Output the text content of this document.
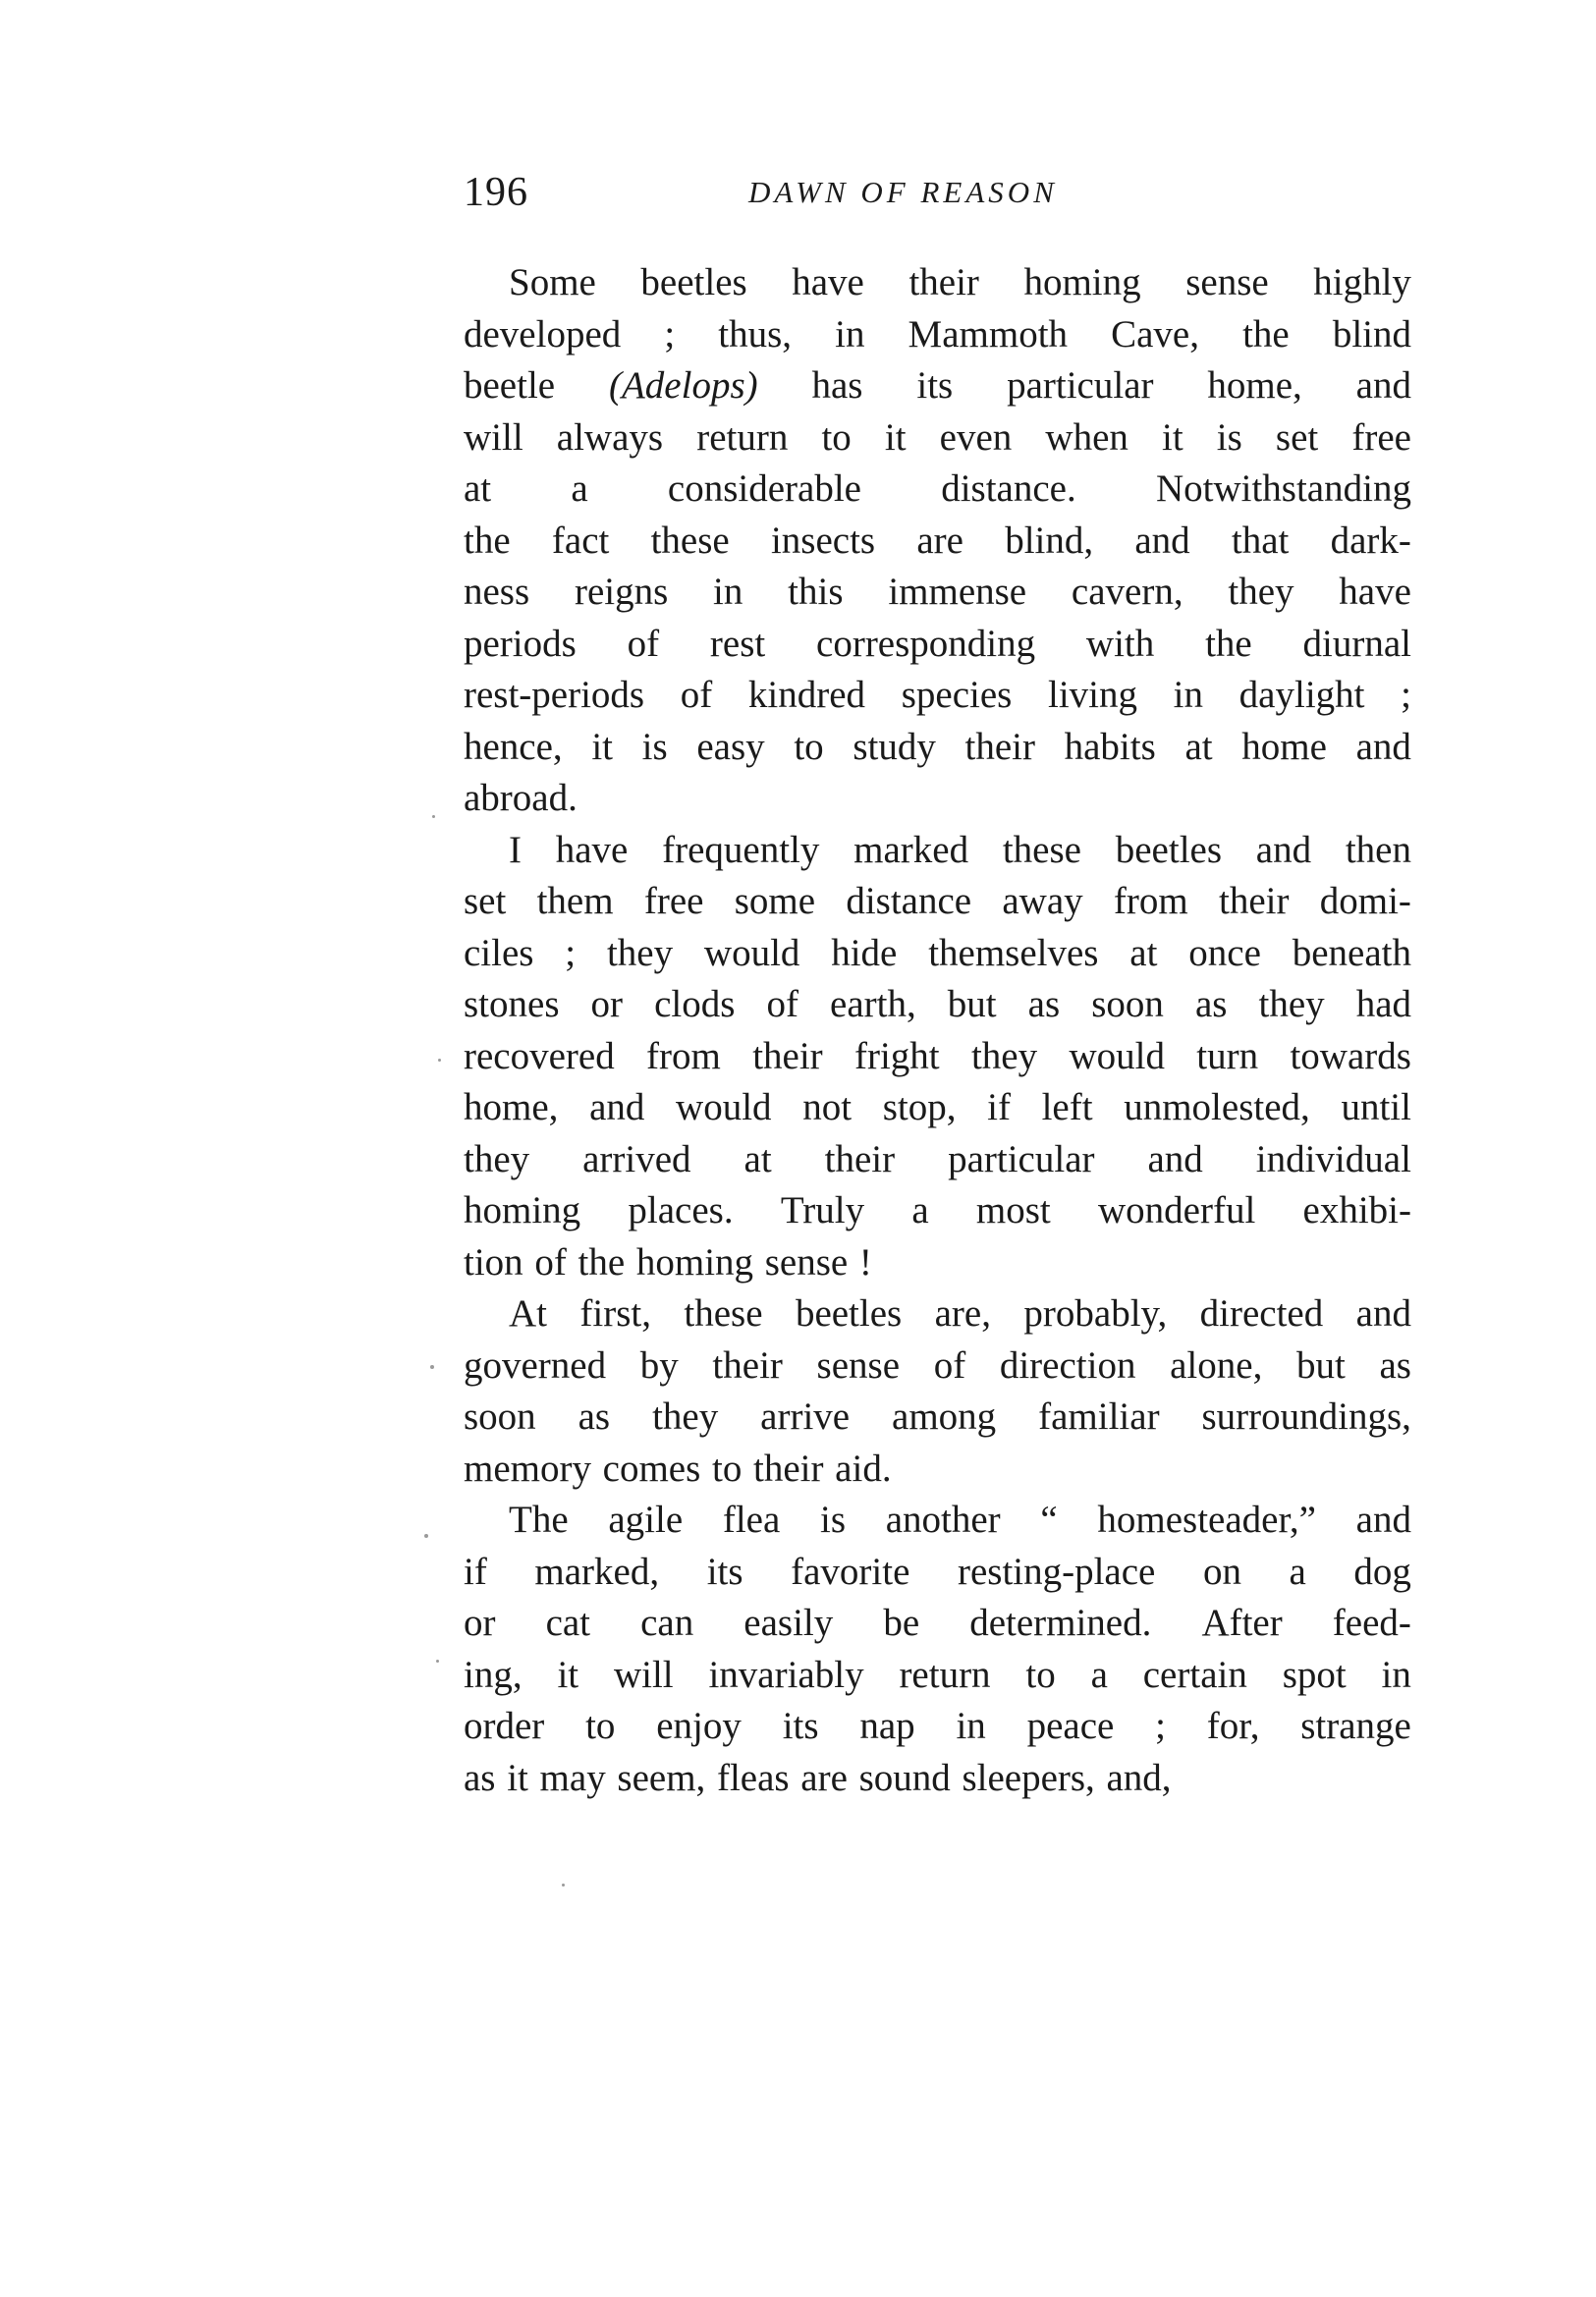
196	DAWN OF REASON
Some beetles have their homing sense highly
developed ; thus, in Mammoth Cave, the blind
beetle (Adelops) has its particular home, and
will always return to it even when it is set free
at a considerable distance. Notwithstanding
the fact these insects are blind, and that dark-
ness reigns in this immense cavern, they have
periods of rest corresponding with the diurnal
rest-periods of kindred species living in daylight ;
hence, it is easy to study their habits at home and
abroad.
I have frequently marked these beetles and then
set them free some distance away from their domi-
ciles ; they would hide themselves at once beneath
stones or clods of earth, but as soon as they had
recovered from their fright they would turn towards
home, and would not stop, if left unmolested, until
they arrived at their particular and individual
homing places. Truly a most wonderful exhibi-
tion of the homing sense !
At first, these beetles are, probably, directed and
governed by their sense of direction alone, but as
soon as they arrive among familiar surroundings,
memory comes to their aid.
The agile flea is another “ homesteader,” and
if marked, its favorite resting-place on a dog
or cat can easily be determined. After feed-
ing, it will invariably return to a certain spot in
order to enjoy its nap in peace ; for, strange
as it may seem, fleas are sound sleepers, and,
